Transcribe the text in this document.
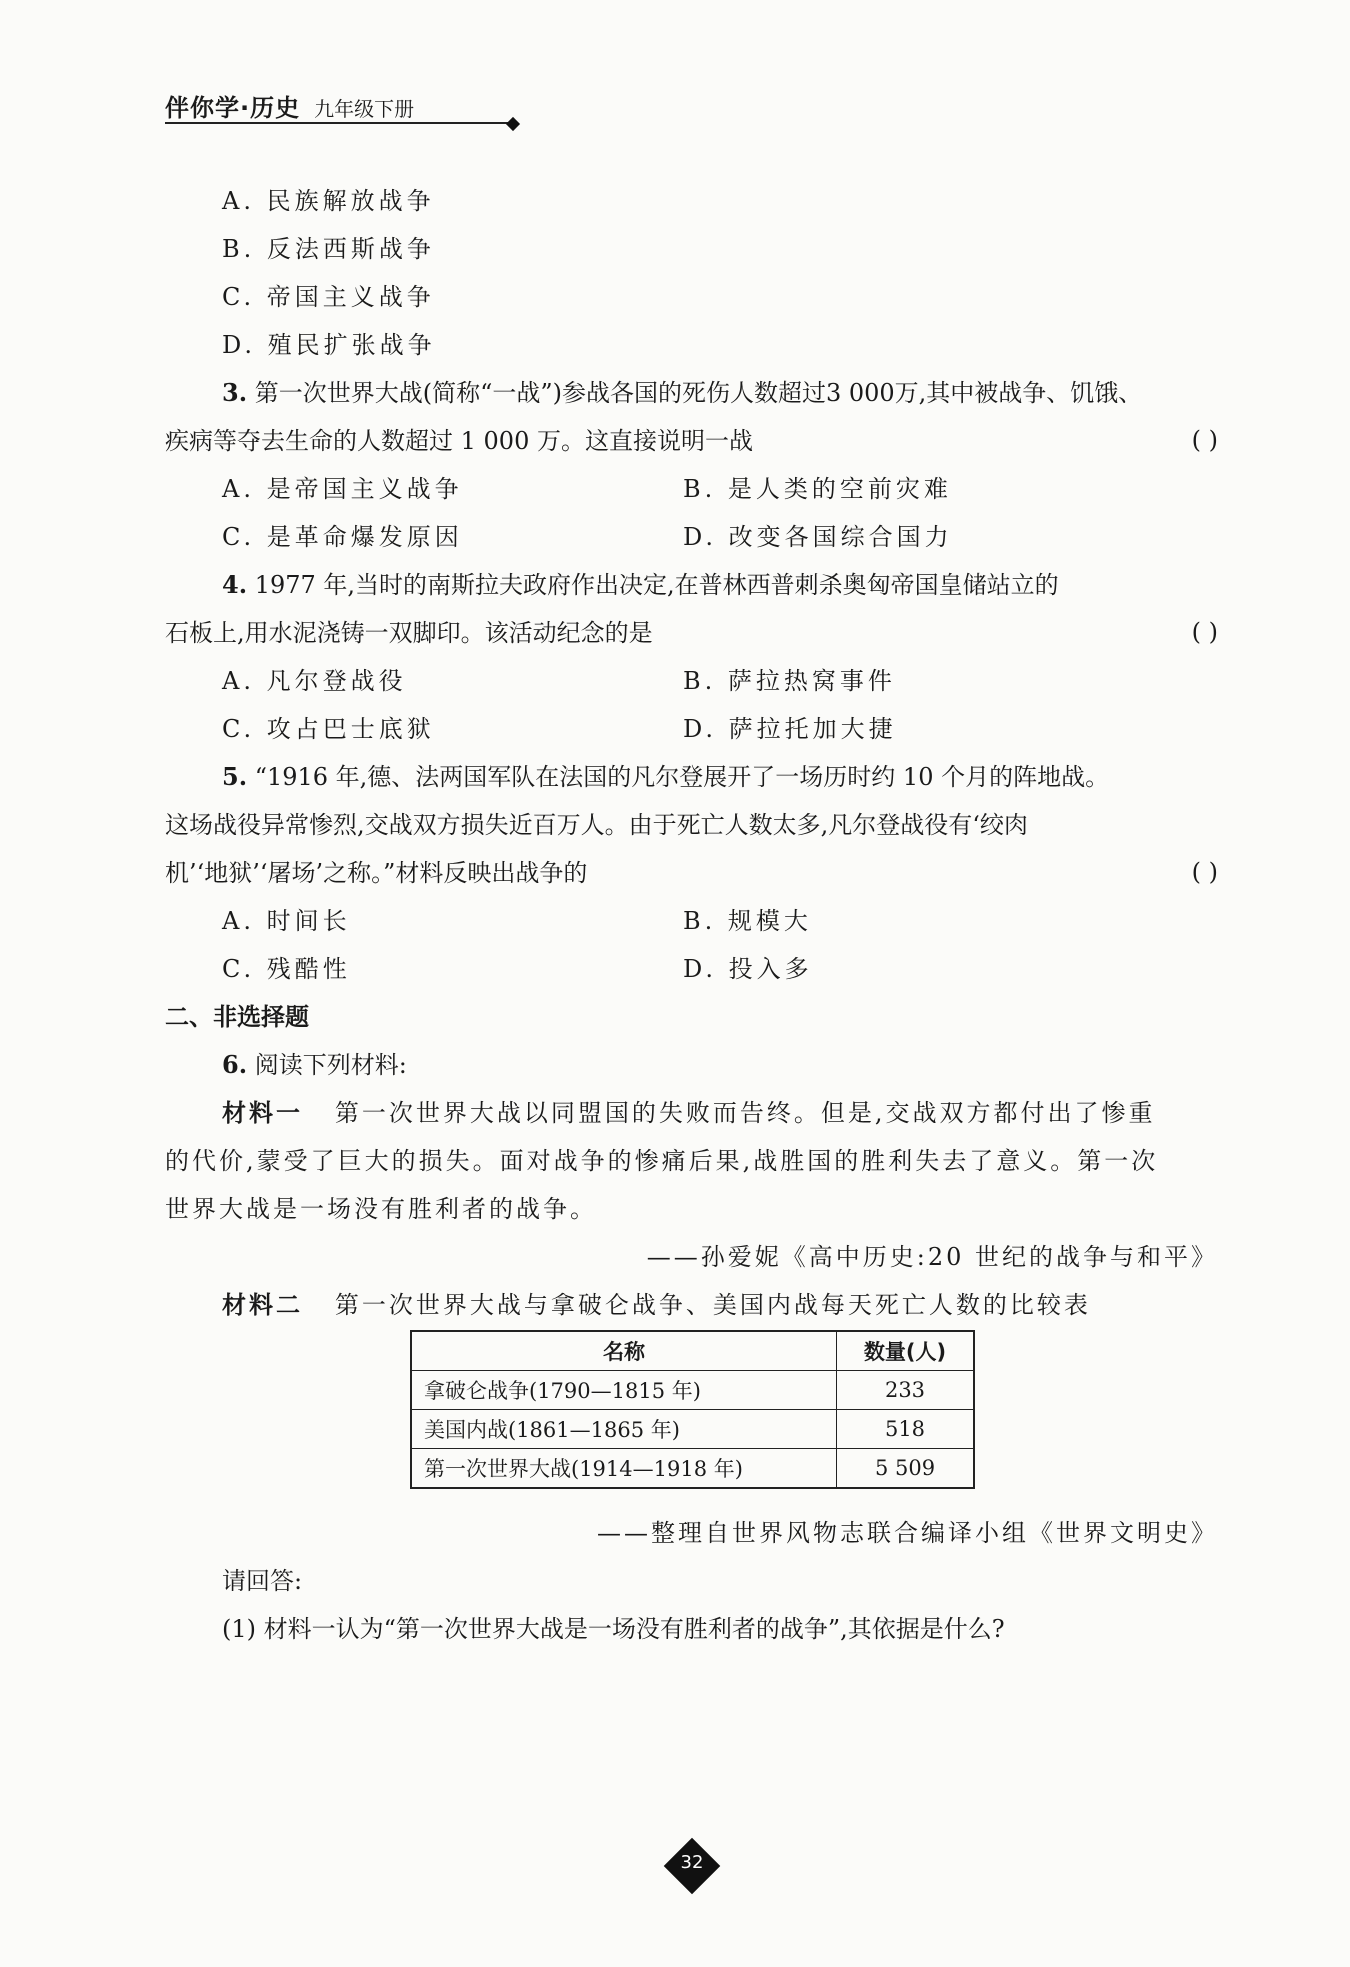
伴你学·历史 九年级下册
A. 民族解放战争
B. 反法西斯战争
C. 帝国主义战争
D. 殖民扩张战争
3. 第一次世界大战(简称“一战”)参战各国的死伤人数超过3 000万,其中被战争、饥饿、
疾病等夺去生命的人数超过 1 000 万。这直接说明一战	( )
A. 是帝国主义战争	B. 是人类的空前灾难
C. 是革命爆发原因	D. 改变各国综合国力
4. 1977 年,当时的南斯拉夫政府作出决定,在普林西普刺杀奥匈帝国皇储站立的
石板上,用水泥浇铸一双脚印。该活动纪念的是	( )
A. 凡尔登战役	B. 萨拉热窝事件
C. 攻占巴士底狱	D. 萨拉托加大捷
5. “1916 年,德、法两国军队在法国的凡尔登展开了一场历时约 10 个月的阵地战。
这场战役异常惨烈,交战双方损失近百万人。由于死亡人数太多,凡尔登战役有‘绞肉
机’‘地狱’‘屠场’之称。”材料反映出战争的	( )
A. 时间长	B. 规模大
C. 残酷性	D. 投入多
二、非选择题
6. 阅读下列材料:
材料一 第一次世界大战以同盟国的失败而告终。但是,交战双方都付出了惨重
的代价,蒙受了巨大的损失。面对战争的惨痛后果,战胜国的胜利失去了意义。第一次
世界大战是一场没有胜利者的战争。
——孙爱妮《高中历史:20 世纪的战争与和平》
材料二 第一次世界大战与拿破仑战争、美国内战每天死亡人数的比较表
名称	数量(人)
拿破仑战争(1790—1815 年)	233
美国内战(1861—1865 年)	518
第一次世界大战(1914—1918 年)	5 509
——整理自世界风物志联合编译小组《世界文明史》
请回答:
(1) 材料一认为“第一次世界大战是一场没有胜利者的战争”,其依据是什么?
32
